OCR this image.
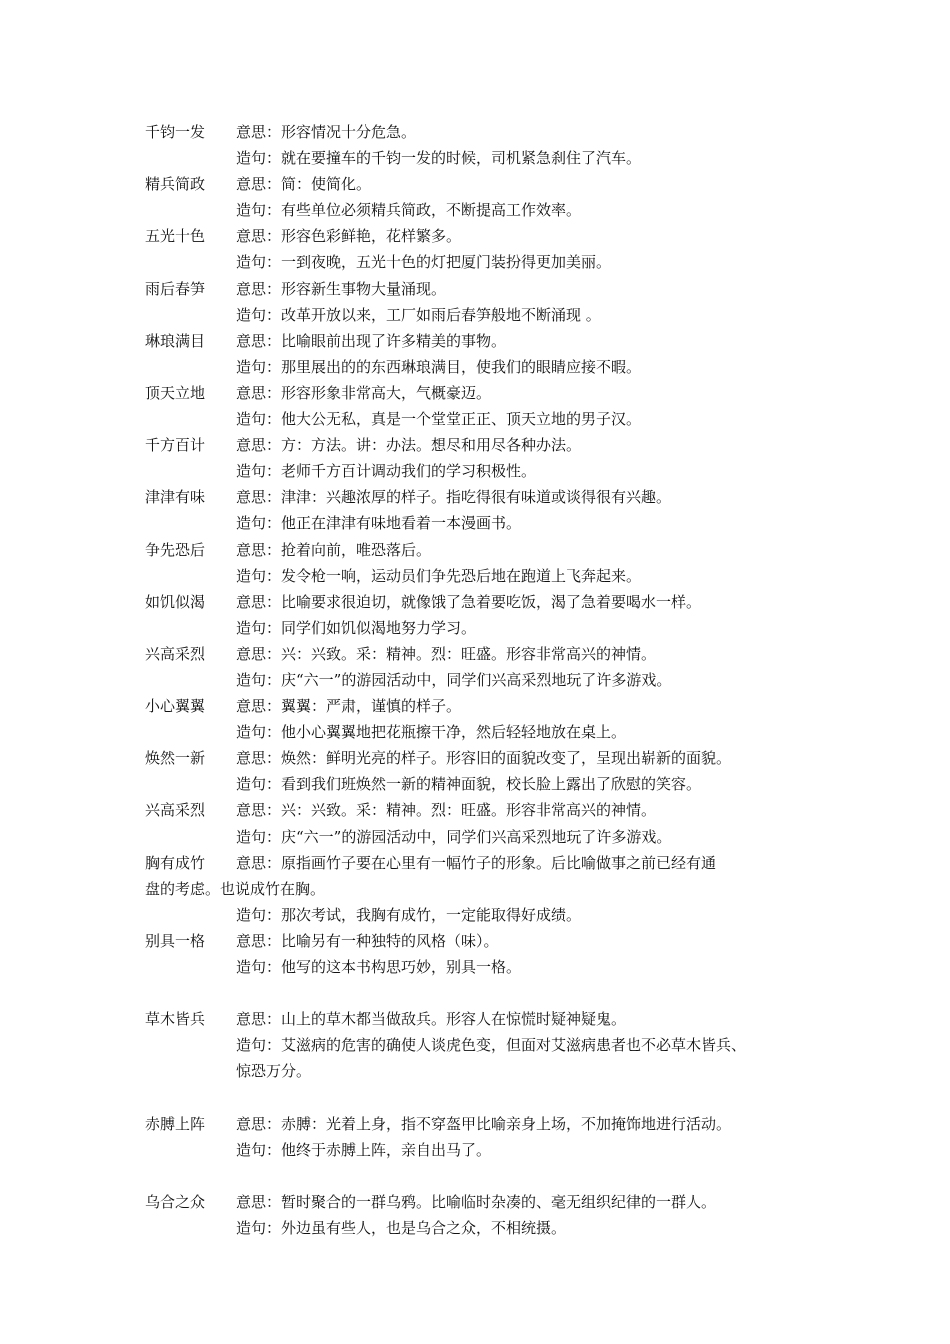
千钧一发	意思：形容情况十分危急。
造句：就在要撞车的千钧一发的时候，司机紧急刹住了汽车。
精兵简政	意思：简：使简化。
造句：有些单位必须精兵简政，不断提高工作效率。
五光十色	意思：形容色彩鲜艳，花样繁多。
造句：一到夜晚，五光十色的灯把厦门装扮得更加美丽。
雨后春笋	意思：形容新生事物大量涌现。
造句：改革开放以来，工厂如雨后春笋般地不断涌现 。
琳琅满目	意思：比喻眼前出现了许多精美的事物。
造句：那里展出的的东西琳琅满目，使我们的眼睛应接不暇。
顶天立地	意思：形容形象非常高大，气概豪迈。
造句：他大公无私，真是一个堂堂正正、顶天立地的男子汉。
千方百计	意思：方：方法。讲：办法。想尽和用尽各种办法。
造句：老师千方百计调动我们的学习积极性。
津津有味	意思：津津：兴趣浓厚的样子。指吃得很有味道或谈得很有兴趣。
造句：他正在津津有味地看着一本漫画书。
争先恐后	意思：抢着向前，唯恐落后。
造句：发令枪一响，运动员们争先恐后地在跑道上飞奔起来。
如饥似渴	意思：比喻要求很迫切，就像饿了急着要吃饭，渴了急着要喝水一样。
造句：同学们如饥似渴地努力学习。
兴高采烈	意思：兴：兴致。采：精神。烈：旺盛。形容非常高兴的神情。
造句：庆“六一”的游园活动中，同学们兴高采烈地玩了许多游戏。
小心翼翼	意思：翼翼：严肃，谨慎的样子。
造句：他小心翼翼地把花瓶擦干净，然后轻轻地放在桌上。
焕然一新	意思：焕然：鲜明光亮的样子。形容旧的面貌改变了，呈现出崭新的面貌。
造句：看到我们班焕然一新的精神面貌，校长脸上露出了欣慰的笑容。
兴高采烈	意思：兴：兴致。采：精神。烈：旺盛。形容非常高兴的神情。
造句：庆“六一”的游园活动中，同学们兴高采烈地玩了许多游戏。
胸有成竹	意思：原指画竹子要在心里有一幅竹子的形象。后比喻做事之前已经有通
盘的考虑。也说成竹在胸。
造句：那次考试，我胸有成竹，一定能取得好成绩。
别具一格	意思：比喻另有一种独特的风格（味）。
造句：他写的这本书构思巧妙，别具一格。
草木皆兵	意思：山上的草木都当做敌兵。形容人在惊慌时疑神疑鬼。
造句：艾滋病的危害的确使人谈虎色变，但面对艾滋病患者也不必草木皆兵、
惊恐万分。
赤膊上阵	意思：赤膊：光着上身，指不穿盔甲比喻亲身上场，不加掩饰地进行活动。
造句：他终于赤膊上阵，亲自出马了。
乌合之众	意思：暂时聚合的一群乌鸦。比喻临时杂凑的、毫无组织纪律的一群人。
造句：外边虽有些人，也是乌合之众，不相统摄。
